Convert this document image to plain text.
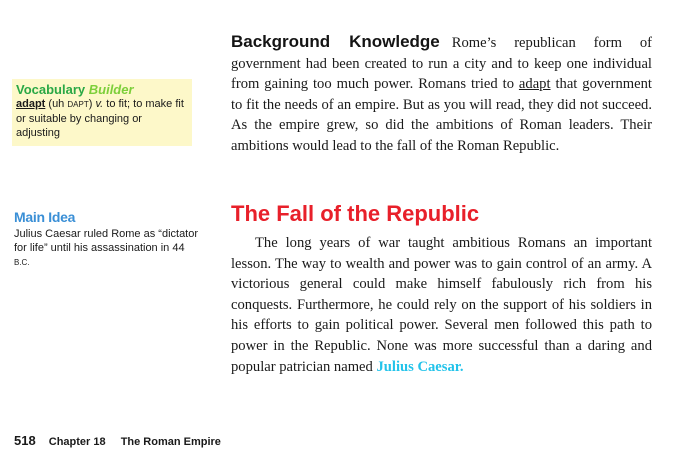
Vocabulary Builder
adapt (uh DAPT) v. to fit; to make fit or suitable by changing or adjusting
Main Idea
Julius Caesar ruled Rome as “dictator for life” until his assassination in 44 B.C.
Background Knowledge Rome’s republican form of government had been created to run a city and to keep one individual from gaining too much power. Romans tried to adapt that government to fit the needs of an empire. But as you will read, they did not succeed. As the empire grew, so did the ambitions of Roman leaders. Their ambitions would lead to the fall of the Roman Republic.
The Fall of the Republic
The long years of war taught ambitious Romans an important lesson. The way to wealth and power was to gain control of an army. A victorious general could make himself fabulously rich from his conquests. Furthermore, he could rely on the support of his soldiers in his efforts to gain political power. Several men followed this path to power in the Republic. None was more successful than a daring and popular patrician named Julius Caesar.
518 Chapter 18 The Roman Empire
